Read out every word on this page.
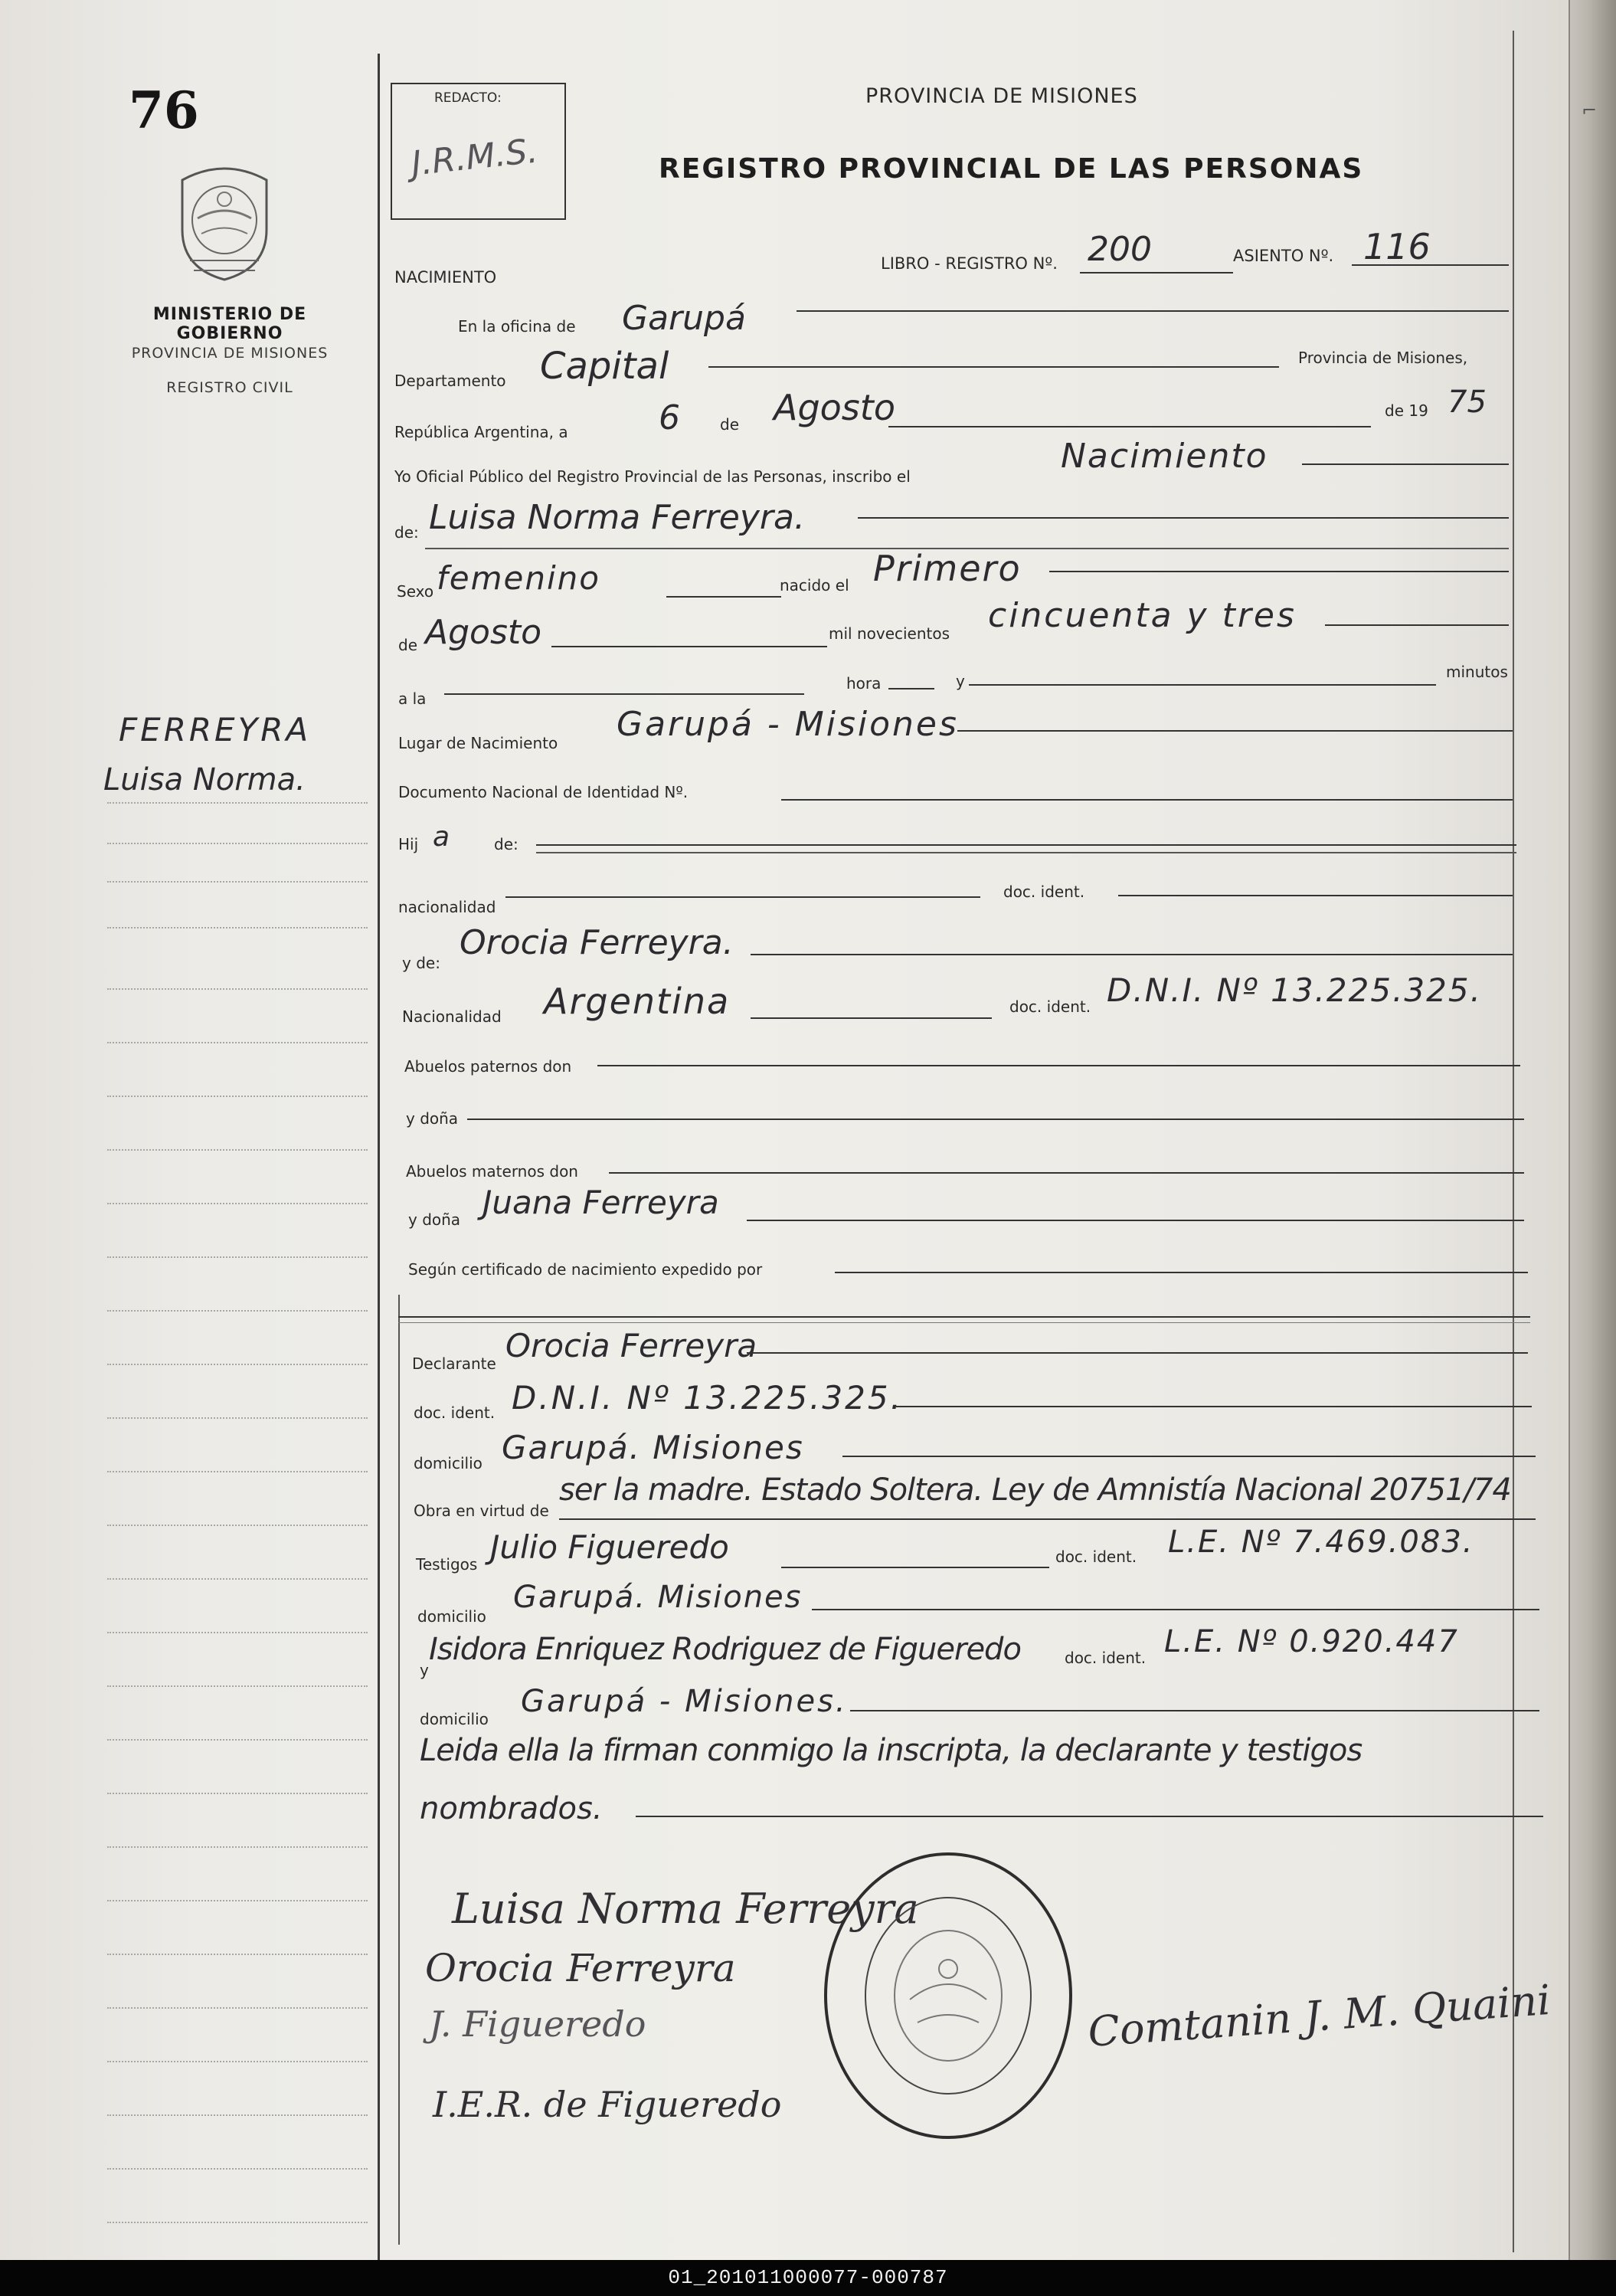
76
MINISTERIO DE GOBIERNO
PROVINCIA DE MISIONES
REGISTRO CIVIL
FERREYRA
Luisa Norma.
REDACTO:
J.R.M.S.
PROVINCIA DE MISIONES
REGISTRO PROVINCIAL DE LAS PERSONAS
NACIMIENTO
LIBRO - REGISTRO Nº. 200	ASIENTO Nº. 116
En la oficina de Garupá
Departamento Capital	Provincia de Misiones,
República Argentina, a	6	de Agosto	de 19 75
Yo Oficial Público del Registro Provincial de las Personas, inscribo el
Nacimiento
de: Luisa Norma Ferreyra.
Sexo femenino	nacido el Primero
de Agosto	mil novecientos cincuenta y tres
a la
hora	y	minutos
Lugar de Nacimiento Garupá - Misiones
Documento Nacional de Identidad Nº.
Hij a	de:
nacionalidad
doc. ident.
y de:
Orocia Ferreyra.
Nacionalidad Argentina	doc. ident. D.N.I. Nº 13.225.325.
Abuelos paternos don
y doña
Abuelos maternos don
y doña Juana Ferreyra
Según certificado de nacimiento expedido por
Declarante Orocia Ferreyra
doc. ident. D.N.I. Nº 13.225.325.
domicilio Garupá. Misiones
Obra en virtud de
ser la madre. Estado Soltera. Ley de Amnistía Nacional 20751/74
Testigos Julio Figueredo	doc. ident. L.E. Nº 7.469.083.
domicilio
Garupá. Misiones
y
Isidora Enriquez Rodriguez de Figueredo	doc. ident. L.E. Nº 0.920.447
domicilio Garupá - Misiones.
Leida ella la firman conmigo la inscripta, la declarante y testigos
nombrados.
Luisa Norma Ferreyra
Orocia Ferreyra
J. Figueredo
I.E.R. de Figueredo
Comtanin J. M. Quaini
⌐
01_201011000077-000787
